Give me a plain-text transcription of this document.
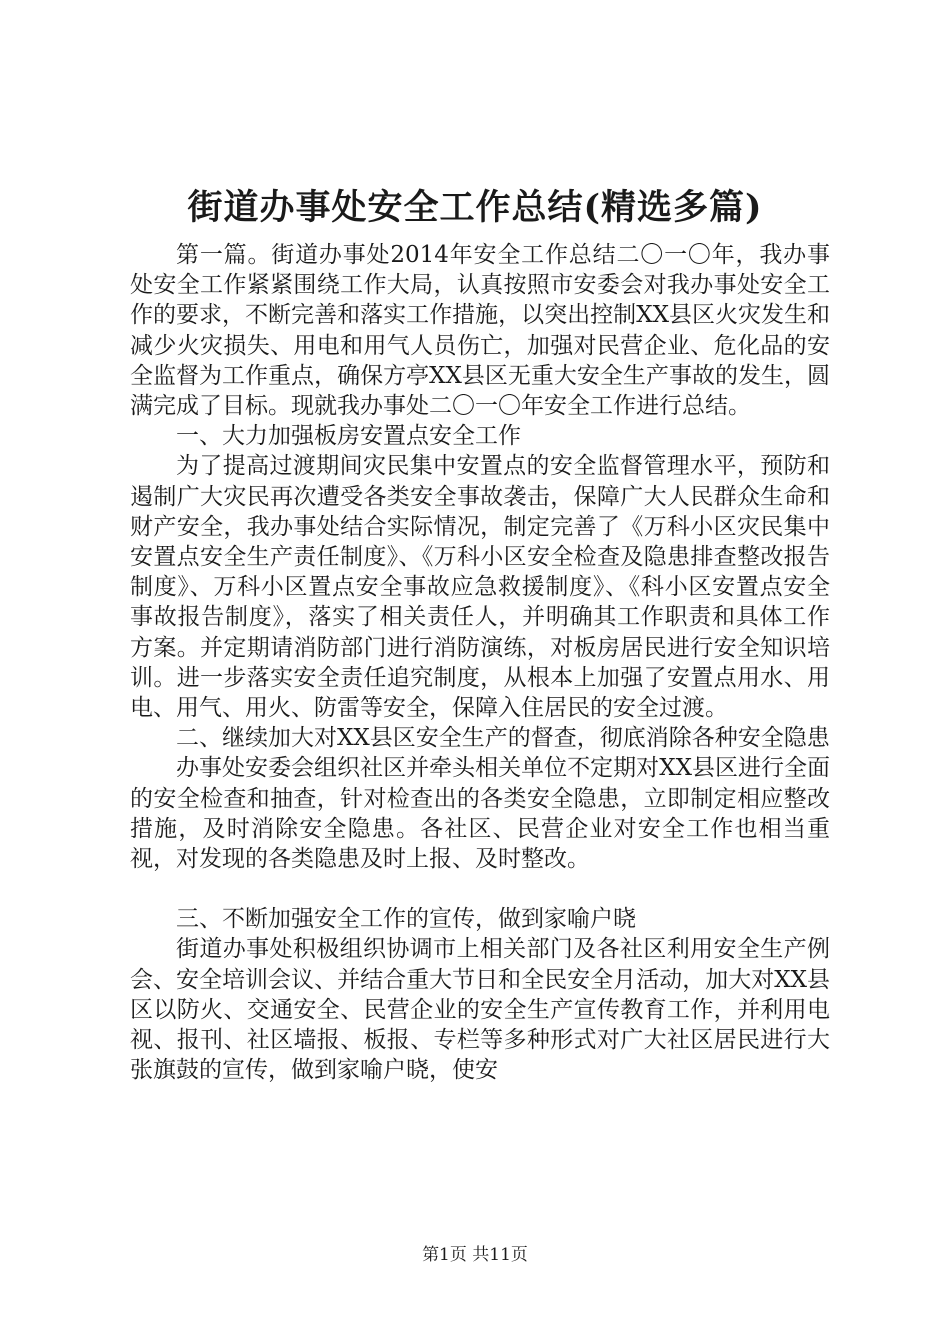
街道办事处安全工作总结(精选多篇)

第一篇。街道办事处2014年安全工作总结二〇一〇年，我办事处安全工作紧紧围绕工作大局，认真按照市安委会对我办事处安全工作的要求，不断完善和落实工作措施，以突出控制XX县区火灾发生和减少火灾损失、用电和用气人员伤亡，加强对民营企业、危化品的安全监督为工作重点，确保方亭XX县区无重大安全生产事故的发生，圆满完成了目标。现就我办事处二〇一〇年安全工作进行总结。

一、大力加强板房安置点安全工作

为了提高过渡期间灾民集中安置点的安全监督管理水平，预防和遏制广大灾民再次遭受各类安全事故袭击，保障广大人民群众生命和财产安全，我办事处结合实际情况，制定完善了《万科小区灾民集中安置点安全生产责任制度》、《万科小区安全检查及隐患排查整改报告制度》、万科小区置点安全事故应急救援制度》、《科小区安置点安全事故报告制度》，落实了相关责任人，并明确其工作职责和具体工作方案。并定期请消防部门进行消防演练，对板房居民进行安全知识培训。进一步落实安全责任追究制度，从根本上加强了安置点用水、用电、用气、用火、防雷等安全，保障入住居民的安全过渡。

二、继续加大对XX县区安全生产的督查，彻底消除各种安全隐患

办事处安委会组织社区并牵头相关单位不定期对XX县区进行全面的安全检查和抽查，针对检查出的各类安全隐患，立即制定相应整改措施，及时消除安全隐患。各社区、民营企业对安全工作也相当重视，对发现的各类隐患及时上报、及时整改。

三、不断加强安全工作的宣传，做到家喻户晓

街道办事处积极组织协调市上相关部门及各社区利用安全生产例会、安全培训会议、并结合重大节日和全民安全月活动，加大对XX县区以防火、交通安全、民营企业的安全生产宣传教育工作，并利用电视、报刊、社区墙报、板报、专栏等多种形式对广大社区居民进行大张旗鼓的宣传，做到家喻户晓，使安

第1页 共11页
